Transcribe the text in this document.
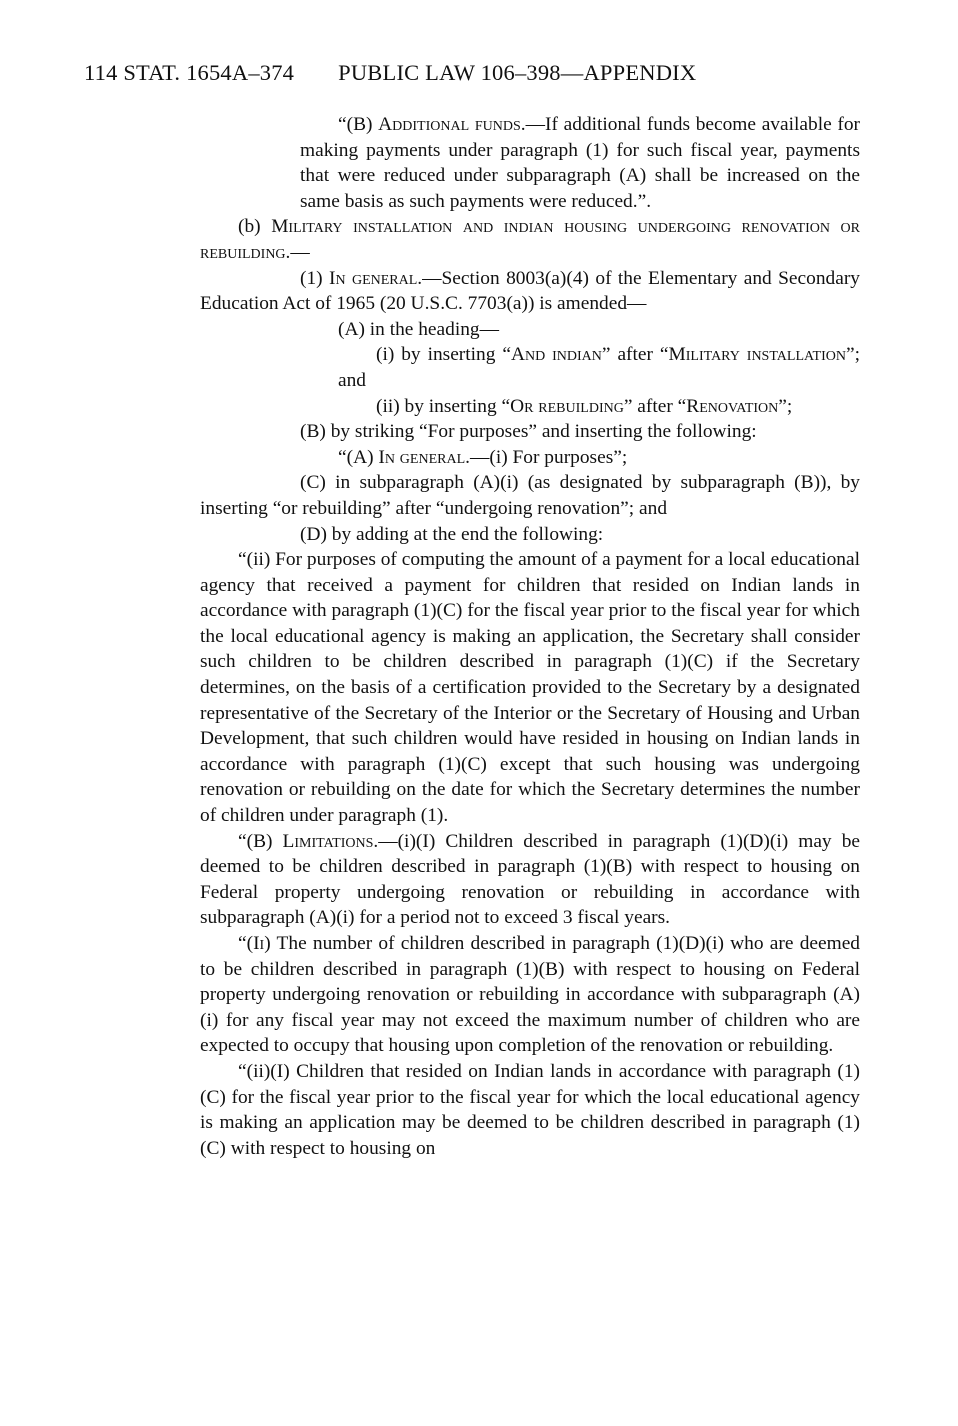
114 STAT. 1654A–374 PUBLIC LAW 106–398—APPENDIX

“(B) Additional funds.—If additional funds become available for making payments under paragraph (1) for such fiscal year, payments that were reduced under subparagraph (A) shall be increased on the same basis as such payments were reduced.”.

(b) Military installation and indian housing undergoing renovation or rebuilding.—

(1) In general.—Section 8003(a)(4) of the Elementary and Secondary Education Act of 1965 (20 U.S.C. 7703(a)) is amended—

(A) in the heading—

(i) by inserting “And indian” after “Military installation”; and

(ii) by inserting “Or rebuilding” after “Renovation”;

(B) by striking “For purposes” and inserting the following:

“(A) In general.—(i) For purposes”;

(C) in subparagraph (A)(i) (as designated by subparagraph (B)), by inserting “or rebuilding” after “undergoing renovation”; and

(D) by adding at the end the following:

“(ii) For purposes of computing the amount of a payment for a local educational agency that received a payment for children that resided on Indian lands in accordance with paragraph (1)(C) for the fiscal year prior to the fiscal year for which the local educational agency is making an application, the Secretary shall consider such children to be children described in paragraph (1)(C) if the Secretary determines, on the basis of a certification provided to the Secretary by a designated representative of the Secretary of the Interior or the Secretary of Housing and Urban Development, that such children would have resided in housing on Indian lands in accordance with paragraph (1)(C) except that such housing was undergoing renovation or rebuilding on the date for which the Secretary determines the number of children under paragraph (1).

“(B) Limitations.—(i)(I) Children described in paragraph (1)(D)(i) may be deemed to be children described in paragraph (1)(B) with respect to housing on Federal property undergoing renovation or rebuilding in accordance with subparagraph (A)(i) for a period not to exceed 3 fiscal years.

“(Ii) The number of children described in paragraph (1)(D)(i) who are deemed to be children described in paragraph (1)(B) with respect to housing on Federal property undergoing renovation or rebuilding in accordance with subparagraph (A)(i) for any fiscal year may not exceed the maximum number of children who are expected to occupy that housing upon completion of the renovation or rebuilding.

“(ii)(I) Children that resided on Indian lands in accordance with paragraph (1)(C) for the fiscal year prior to the fiscal year for which the local educational agency is making an application may be deemed to be children described in paragraph (1)(C) with respect to housing on
